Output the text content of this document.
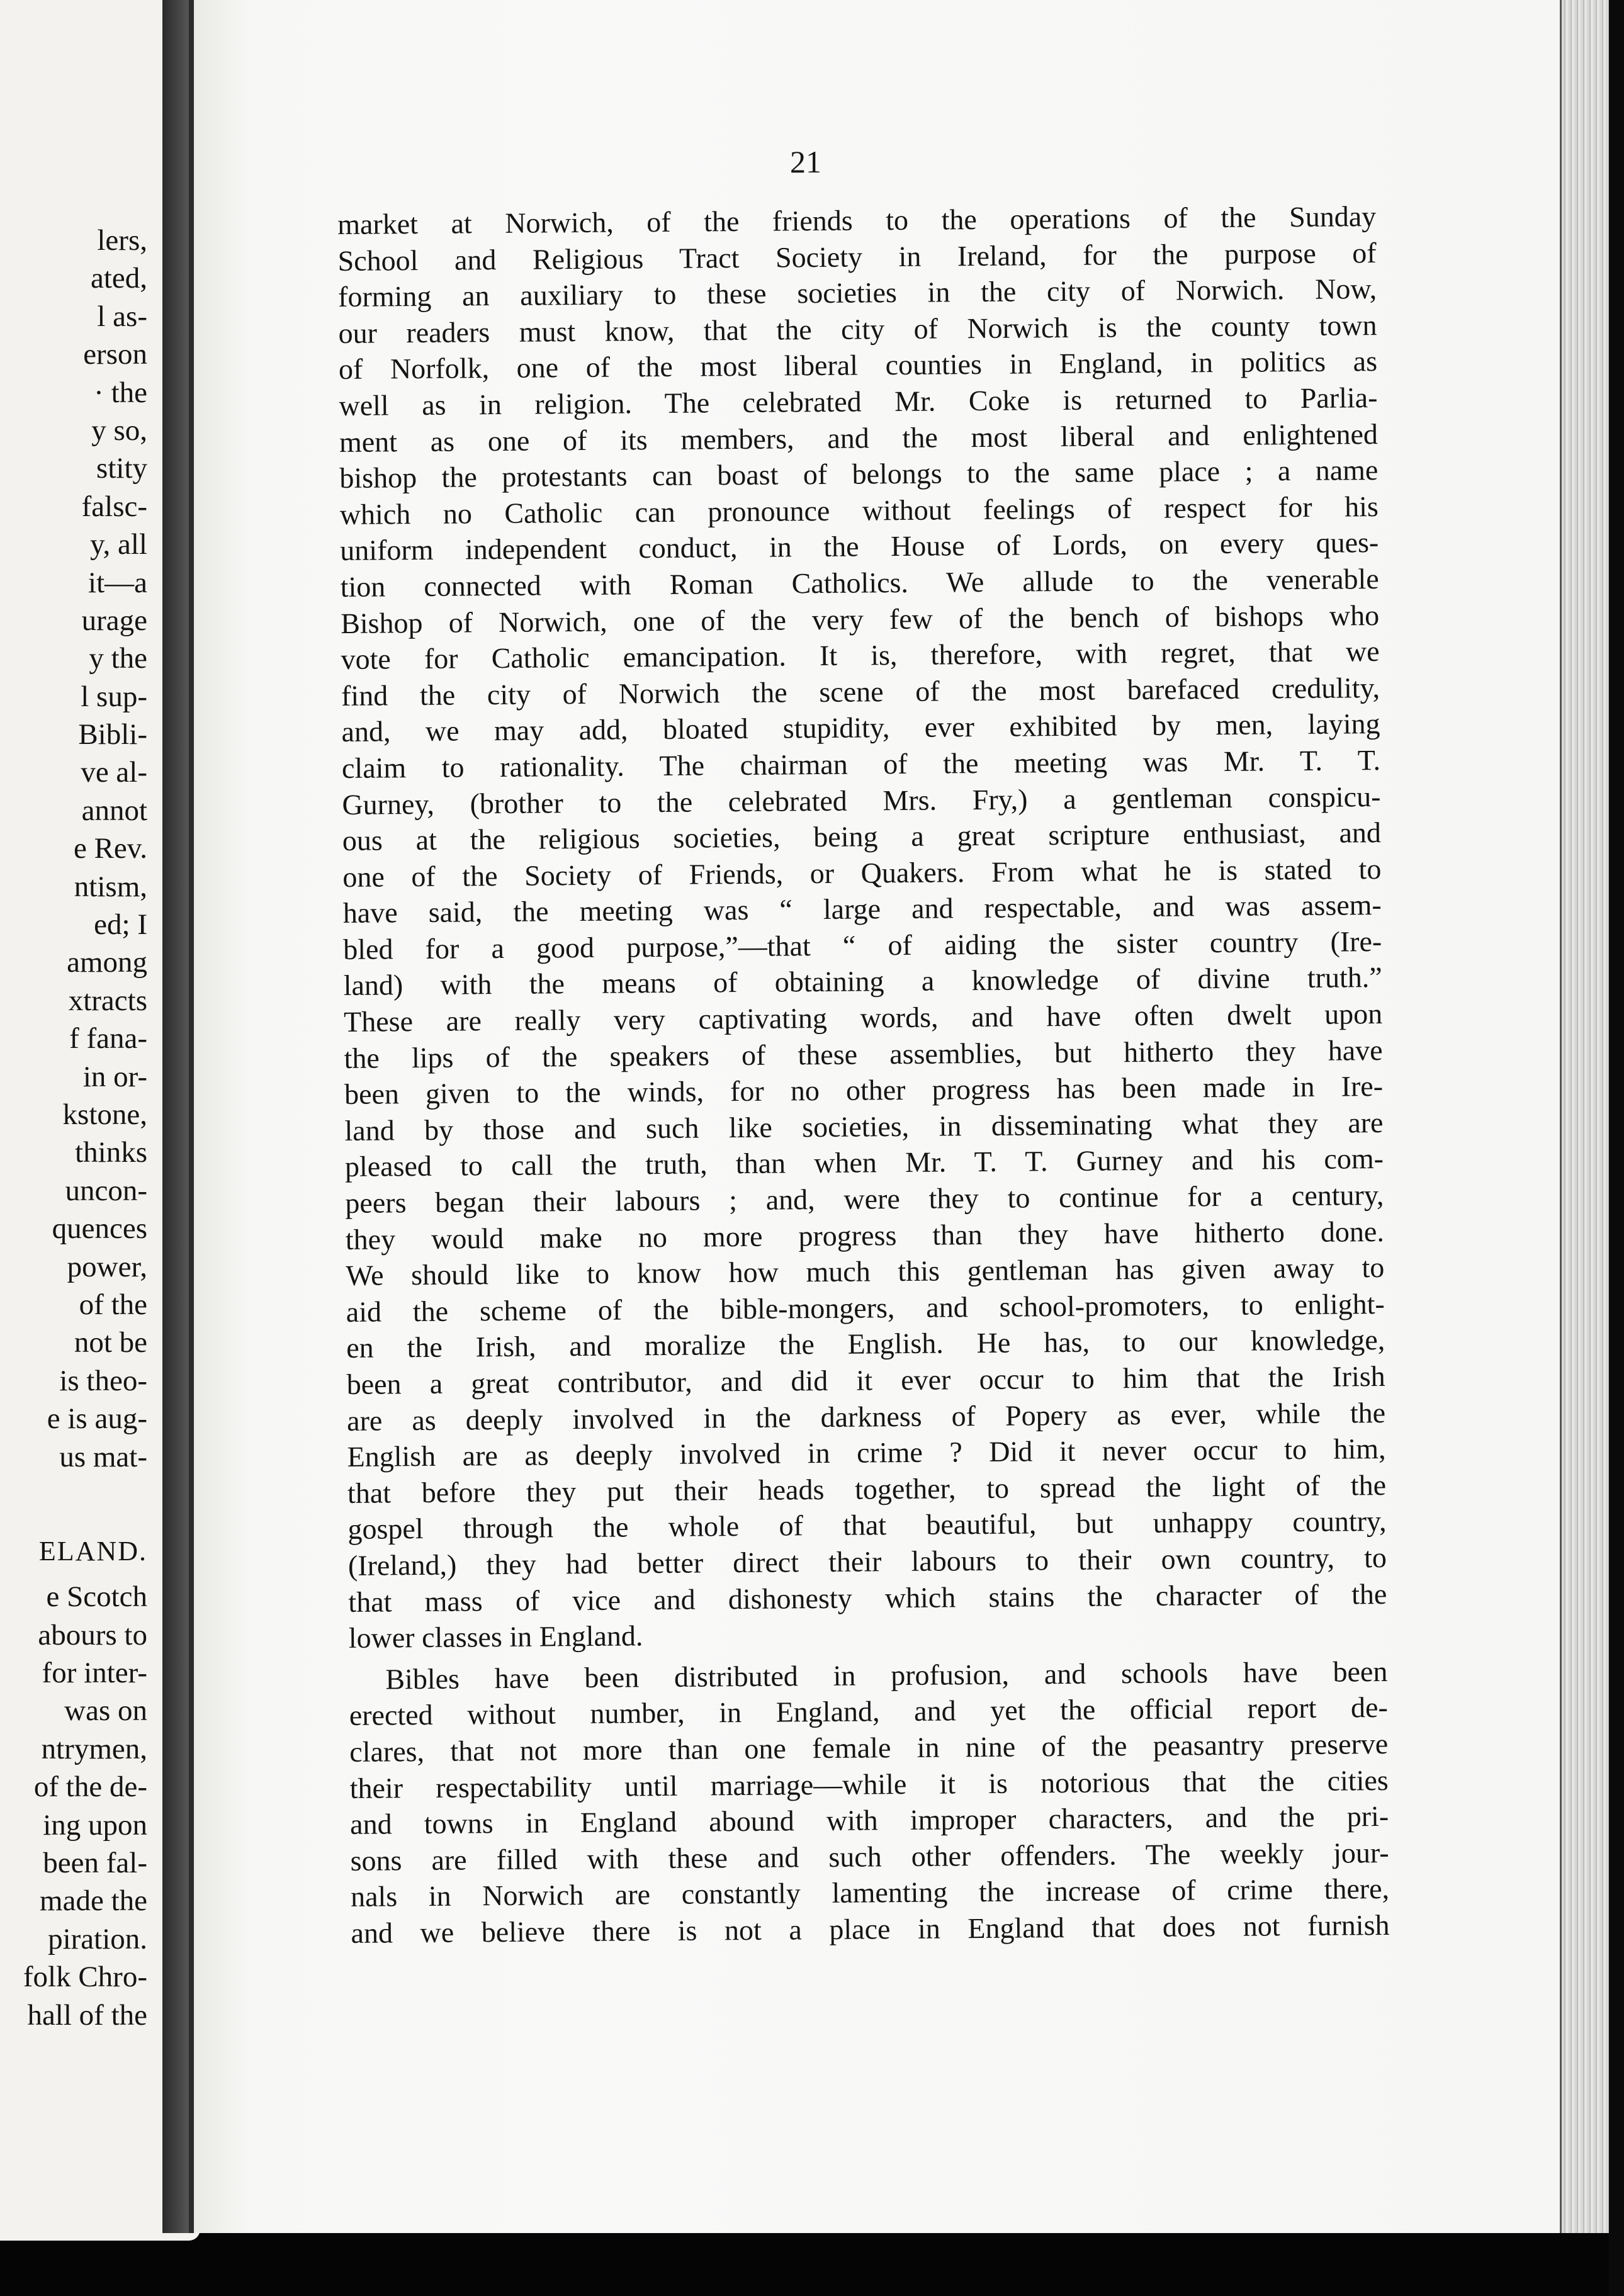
lers,
ated,
l as-
erson
· the
y so,
stity
falsc-
y, all
it—a
urage
y the
l sup-
Bibli-
ve al-
annot
e Rev.
ntism,
ed; I
among
xtracts
f fana-
in or-
kstone,
thinks
uncon-
quences
power,
of the
not be
is theo-
e is aug-
us mat-
ELAND.
e Scotch
abours to
for inter-
was on
ntrymen,
of the de-
ing upon
been fal-
made the
piration.
folk Chro-
hall of the
21

market at Norwich, of the friends to the operations of the Sunday
School and Religious Tract Society in Ireland, for the purpose of
forming an auxiliary to these societies in the city of Norwich. Now,
our readers must know, that the city of Norwich is the county town
of Norfolk, one of the most liberal counties in England, in politics as
well as in religion. The celebrated Mr. Coke is returned to Parlia-
ment as one of its members, and the most liberal and enlightened
bishop the protestants can boast of belongs to the same place ; a name
which no Catholic can pronounce without feelings of respect for his
uniform independent conduct, in the House of Lords, on every ques-
tion connected with Roman Catholics. We allude to the venerable
Bishop of Norwich, one of the very few of the bench of bishops who
vote for Catholic emancipation. It is, therefore, with regret, that we
find the city of Norwich the scene of the most barefaced credulity,
and, we may add, bloated stupidity, ever exhibited by men, laying
claim to rationality. The chairman of the meeting was Mr. T. T.
Gurney, (brother to the celebrated Mrs. Fry,) a gentleman conspicu-
ous at the religious societies, being a great scripture enthusiast, and
one of the Society of Friends, or Quakers. From what he is stated to
have said, the meeting was “ large and respectable, and was assem-
bled for a good purpose,”—that “ of aiding the sister country (Ire-
land) with the means of obtaining a knowledge of divine truth.”
These are really very captivating words, and have often dwelt upon
the lips of the speakers of these assemblies, but hitherto they have
been given to the winds, for no other progress has been made in Ire-
land by those and such like societies, in disseminating what they are
pleased to call the truth, than when Mr. T. T. Gurney and his com-
peers began their labours ; and, were they to continue for a century,
they would make no more progress than they have hitherto done.
We should like to know how much this gentleman has given away to
aid the scheme of the bible-mongers, and school-promoters, to enlight-
en the Irish, and moralize the English. He has, to our knowledge,
been a great contributor, and did it ever occur to him that the Irish
are as deeply involved in the darkness of Popery as ever, while the
English are as deeply involved in crime ? Did it never occur to him,
that before they put their heads together, to spread the light of the
gospel through the whole of that beautiful, but unhappy country,
(Ireland,) they had better direct their labours to their own country, to
that mass of vice and dishonesty which stains the character of the
lower classes in England.

Bibles have been distributed in profusion, and schools have been
erected without number, in England, and yet the official report de-
clares, that not more than one female in nine of the peasantry preserve
their respectability until marriage—while it is notorious that the cities
and towns in England abound with improper characters, and the pri-
sons are filled with these and such other offenders. The weekly jour-
nals in Norwich are constantly lamenting the increase of crime there,
and we believe there is not a place in England that does not furnish
